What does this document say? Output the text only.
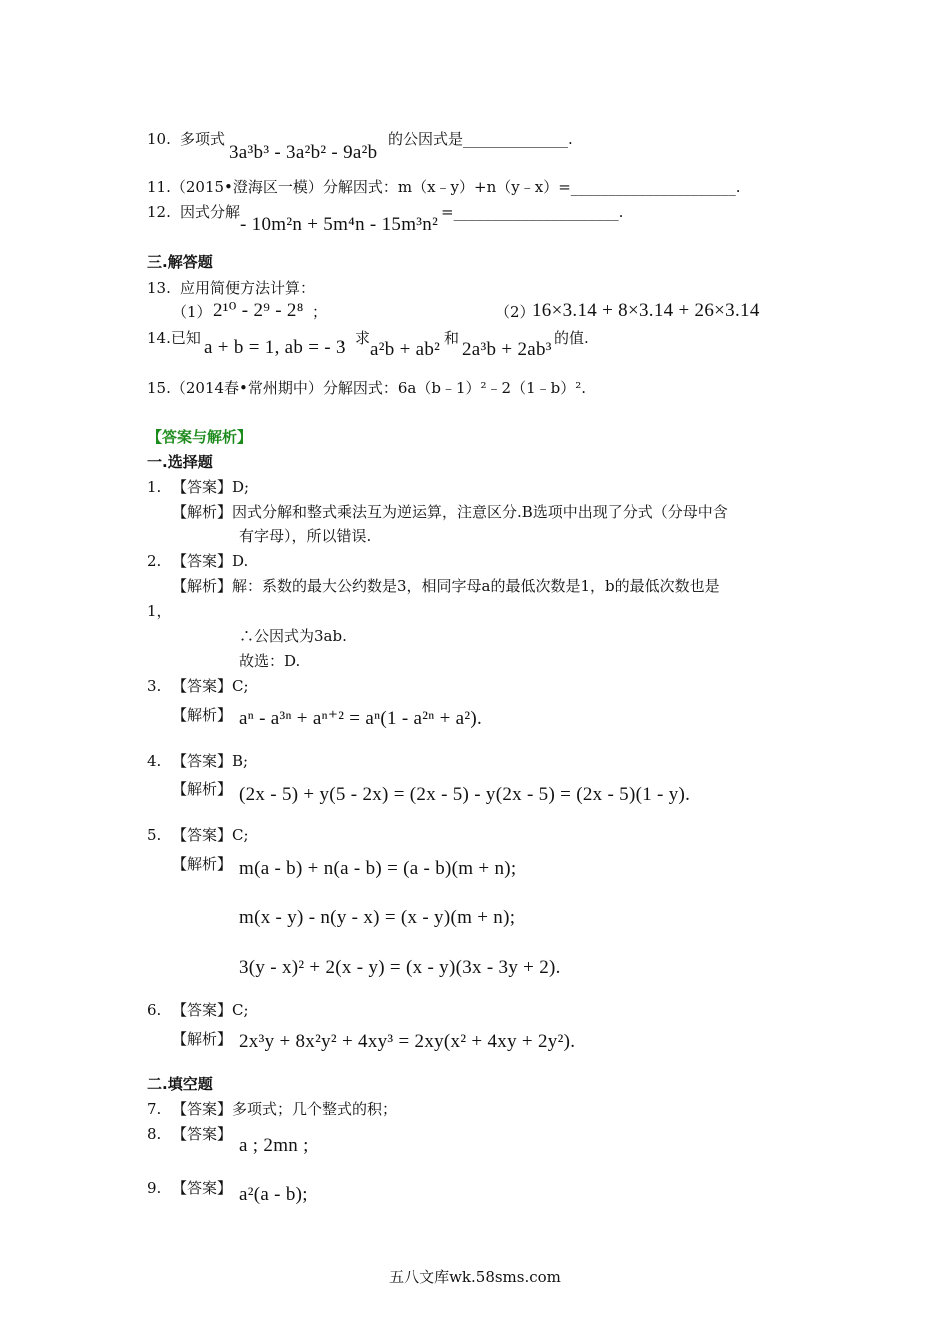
10. 多项式
3a³b³ - 3a²b² - 9a²b
的公因式是______________.
11.（2015•澄海区一模）分解因式：m（x﹣y）+n（y﹣x）=______________________.
12. 因式分解
- 10m²n + 5m⁴n - 15m³n²
=______________________.
三.解答题
13. 应用简便方法计算：
（1） 2¹⁰ - 2⁹ - 2⁸ ；	（2）
16×3.14 + 8×3.14 + 26×3.14
14.已知 a + b = 1, ab = - 3
，求
a²b + ab²
和
2a³b + 2ab³
的值.
15.（2014春•常州期中）分解因式：6a（b﹣1）²﹣2（1﹣b）².
【答案与解析】
一.选择题
1. 【答案】D;
【解析】因式分解和整式乘法互为逆运算，注意区分.B选项中出现了分式（分母中含
有字母），所以错误.
2. 【答案】D.
【解析】解：系数的最大公约数是3，相同字母a的最低次数是1，b的最低次数也是
1，
∴公因式为3ab.
故选：D.
3. 【答案】C;
【解析】 aⁿ - a³ⁿ + aⁿ⁺² = aⁿ(1 - a²ⁿ + a²).
4. 【答案】B;
【解析】 (2x - 5) + y(5 - 2x) = (2x - 5) - y(2x - 5) = (2x - 5)(1 - y).
5. 【答案】C;
【解析】 m(a - b) + n(a - b) = (a - b)(m + n);
m(x - y) - n(y - x) = (x - y)(m + n);
3(y - x)² + 2(x - y) = (x - y)(3x - 3y + 2).
6. 【答案】C;
【解析】 2x³y + 8x²y² + 4xy³ = 2xy(x² + 4xy + 2y²).
二.填空题
7. 【答案】多项式；几个整式的积；
8. 【答案】
a ; 2mn ;
9. 【答案】 a²(a - b);
五八文库wk.58sms.com
